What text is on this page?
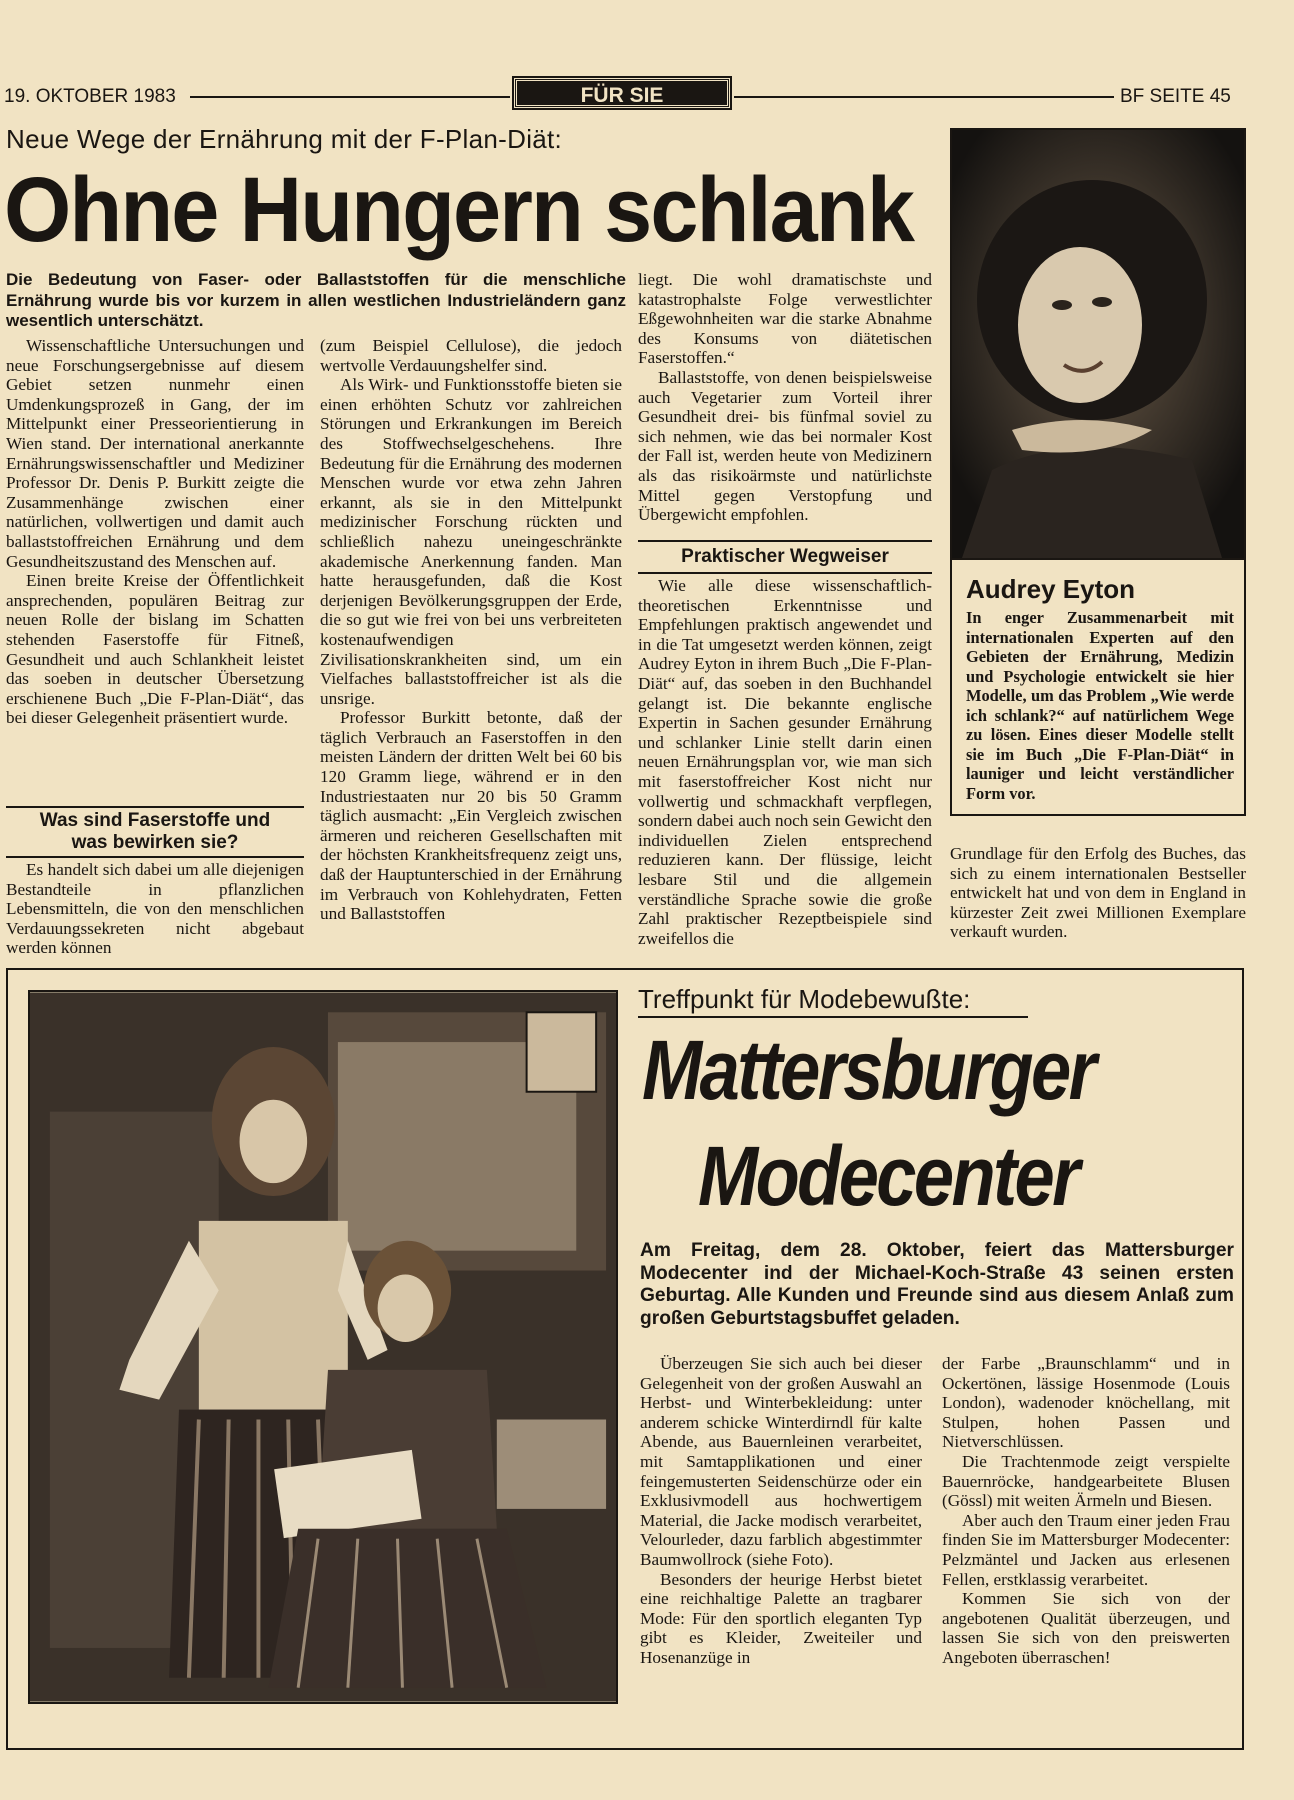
19. OKTOBER 1983	FÜR SIE	BF SEITE 45
Neue Wege der Ernährung mit der F-Plan-Diät:
Ohne Hungern schlank
Die Bedeutung von Faser- oder Ballaststoffen für die menschliche Ernährung wurde bis vor kurzem in allen westlichen Industrieländern ganz wesentlich unterschätzt.

Wissenschaftliche Untersuchungen und neue Forschungsergebnisse auf diesem Gebiet setzen nunmehr einen Umdenkungsprozeß in Gang, der im Mittelpunkt einer Presseorientierung in Wien stand. Der international anerkannte Ernährungswissenschaftler und Mediziner Professor Dr. Denis P. Burkitt zeigte die Zusammenhänge zwischen einer natürlichen, vollwertigen und damit auch ballaststoffreichen Ernährung und dem Gesundheitszustand des Menschen auf.

Einen breite Kreise der Öffentlichkeit ansprechenden, populären Beitrag zur neuen Rolle der bislang im Schatten stehenden Faserstoffe für Fitneß, Gesundheit und auch Schlankheit leistet das soeben in deutscher Übersetzung erschienene Buch „Die F-Plan-Diät“, das bei dieser Gelegenheit präsentiert wurde.

Was sind Faserstoffe und was bewirken sie?

Es handelt sich dabei um alle diejenigen Bestandteile in pflanzlichen Lebensmitteln, die von den menschlichen Verdauungssekreten nicht abgebaut werden können

(zum Beispiel Cellulose), die jedoch wertvolle Verdauungshelfer sind.

Als Wirk- und Funktionsstoffe bieten sie einen erhöhten Schutz vor zahlreichen Störungen und Erkrankungen im Bereich des Stoffwechselgeschehens. Ihre Bedeutung für die Ernährung des modernen Menschen wurde vor etwa zehn Jahren erkannt, als sie in den Mittelpunkt medizinischer Forschung rückten und schließlich nahezu uneingeschränkte akademische Anerkennung fanden. Man hatte herausgefunden, daß die Kost derjenigen Bevölkerungsgruppen der Erde, die so gut wie frei von bei uns verbreiteten kostenaufwendigen Zivilisationskrankheiten sind, um ein Vielfaches ballaststoffreicher ist als die unsrige.

Professor Burkitt betonte, daß der täglich Verbrauch an Faserstoffen in den meisten Ländern der dritten Welt bei 60 bis 120 Gramm liege, während er in den Industriestaaten nur 20 bis 50 Gramm täglich ausmacht: „Ein Vergleich zwischen ärmeren und reicheren Gesellschaften mit der höchsten Krankheitsfrequenz zeigt uns, daß der Hauptunterschied in der Ernährung im Verbrauch von Kohlehydraten, Fetten und Ballaststoffen

liegt. Die wohl dramatischste und katastrophalste Folge verwestlichter Eßgewohnheiten war die starke Abnahme des Konsums von diätetischen Faserstoffen.“

Ballaststoffe, von denen beispielsweise auch Vegetarier zum Vorteil ihrer Gesundheit drei- bis fünfmal soviel zu sich nehmen, wie das bei normaler Kost der Fall ist, werden heute von Medizinern als das risikoärmste und natürlichste Mittel gegen Verstopfung und Übergewicht empfohlen.

Praktischer Wegweiser

Wie alle diese wissenschaftlich-theoretischen Erkenntnisse und Empfehlungen praktisch angewendet und in die Tat umgesetzt werden können, zeigt Audrey Eyton in ihrem Buch „Die F-Plan-Diät“ auf, das soeben in den Buchhandel gelangt ist. Die bekannte englische Expertin in Sachen gesunder Ernährung und schlanker Linie stellt darin einen neuen Ernährungsplan vor, wie man sich mit faserstoffreicher Kost nicht nur vollwertig und schmackhaft verpflegen, sondern dabei auch noch sein Gewicht den individuellen Zielen entsprechend reduzieren kann. Der flüssige, leicht lesbare Stil und die allgemein verständliche Sprache sowie die große Zahl praktischer Rezeptbeispiele sind zweifellos die

Audrey Eyton
In enger Zusammenarbeit mit internationalen Experten auf den Gebieten der Ernährung, Medizin und Psychologie entwickelt sie hier Modelle, um das Problem „Wie werde ich schlank?“ auf natürlichem Wege zu lösen. Eines dieser Modelle stellt sie im Buch „Die F-Plan-Diät“ in launiger und leicht verständlicher Form vor.

Grundlage für den Erfolg des Buches, das sich zu einem internationalen Bestseller entwickelt hat und von dem in England in kürzester Zeit zwei Millionen Exemplare verkauft wurden.

Treffpunkt für Modebewußte:
Mattersburger
Modecenter
Am Freitag, dem 28. Oktober, feiert das Mattersburger Modecenter ind der Michael-Koch-Straße 43 seinen ersten Geburtag. Alle Kunden und Freunde sind aus diesem Anlaß zum großen Geburtstagsbuffet geladen.

Überzeugen Sie sich auch bei dieser Gelegenheit von der großen Auswahl an Herbst- und Winterbekleidung: unter anderem schicke Winterdirndl für kalte Abende, aus Bauernleinen verarbeitet, mit Samtapplikationen und einer feingemusterten Seidenschürze oder ein Exklusivmodell aus hochwertigem Material, die Jacke modisch verarbeitet, Velourleder, dazu farblich abgestimmter Baumwollrock (siehe Foto).

Besonders der heurige Herbst bietet eine reichhaltige Palette an tragbarer Mode: Für den sportlich eleganten Typ gibt es Kleider, Zweiteiler und Hosenanzüge in

der Farbe „Braunschlamm“ und in Ockertönen, lässige Hosenmode (Louis London), wadenoder knöchellang, mit Stulpen, hohen Passen und Nietverschlüssen.

Die Trachtenmode zeigt verspielte Bauernröcke, handgearbeitete Blusen (Gössl) mit weiten Ärmeln und Biesen.

Aber auch den Traum einer jeden Frau finden Sie im Mattersburger Modecenter: Pelzmäntel und Jacken aus erlesenen Fellen, erstklassig verarbeitet.

Kommen Sie sich von der angebotenen Qualität überzeugen, und lassen Sie sich von den preiswerten Angeboten überraschen!
